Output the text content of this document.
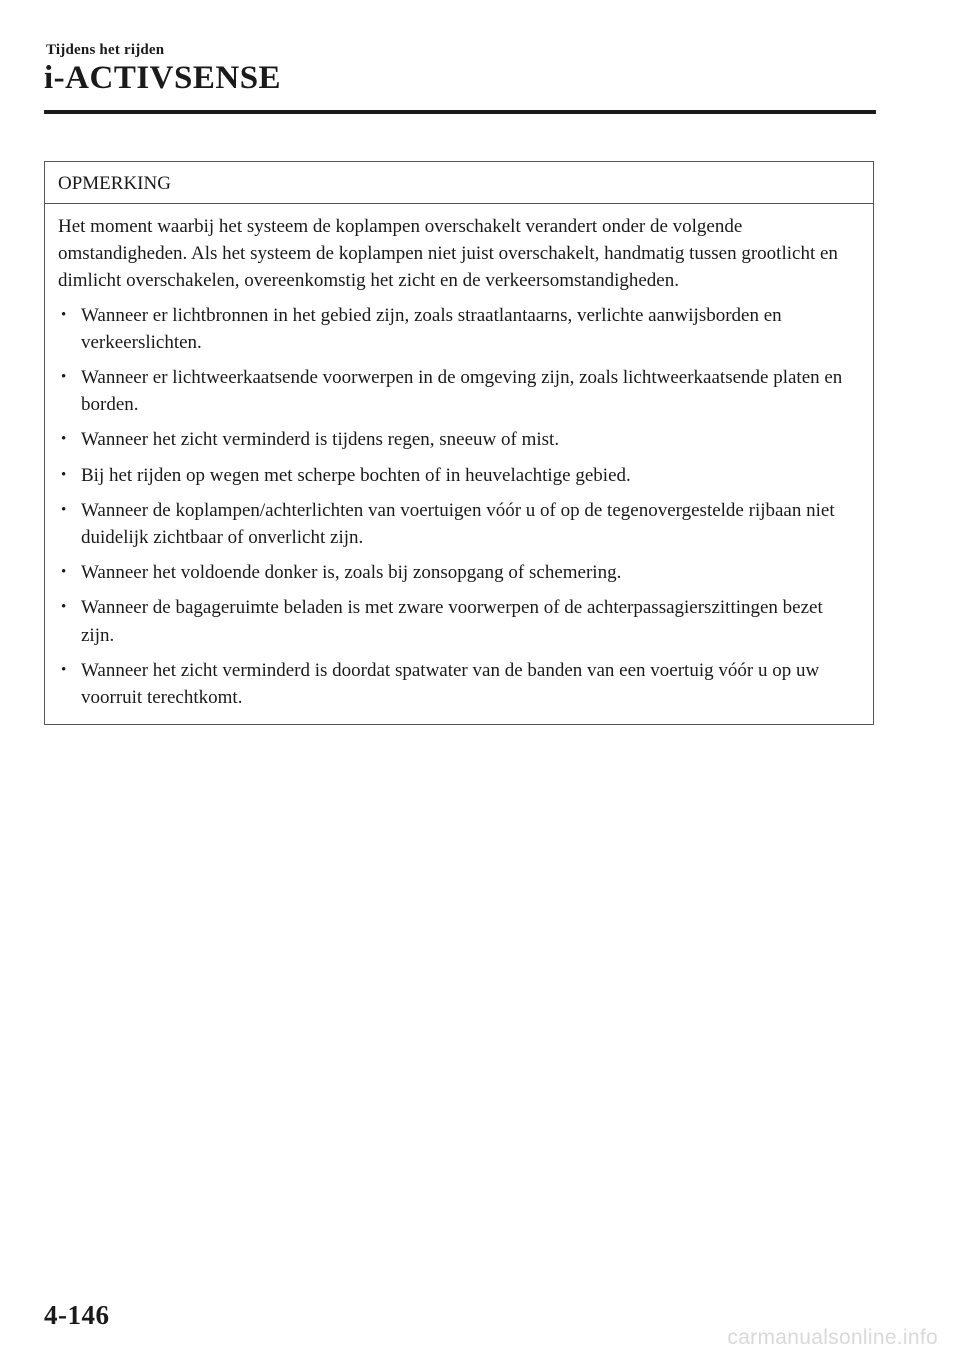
Tijdens het rijden
i-ACTIVSENSE
OPMERKING

Het moment waarbij het systeem de koplampen overschakelt verandert onder de volgende omstandigheden. Als het systeem de koplampen niet juist overschakelt, handmatig tussen grootlicht en dimlicht overschakelen, overeenkomstig het zicht en de verkeersomstandigheden.

• Wanneer er lichtbronnen in het gebied zijn, zoals straatlantaarns, verlichte aanwijsborden en verkeerslichten.
• Wanneer er lichtweerkaatsende voorwerpen in de omgeving zijn, zoals lichtweerkaatsende platen en borden.
• Wanneer het zicht verminderd is tijdens regen, sneeuw of mist.
• Bij het rijden op wegen met scherpe bochten of in heuvelachtige gebied.
• Wanneer de koplampen/achterlichten van voertuigen vóór u of op de tegenovergestelde rijbaan niet duidelijk zichtbaar of onverlicht zijn.
• Wanneer het voldoende donker is, zoals bij zonsopgang of schemering.
• Wanneer de bagageruimte beladen is met zware voorwerpen of de achterpassagierszittingen bezet zijn.
• Wanneer het zicht verminderd is doordat spatwater van de banden van een voertuig vóór u op uw voorruit terechtkomt.
4-146
carmanualsonline.info
